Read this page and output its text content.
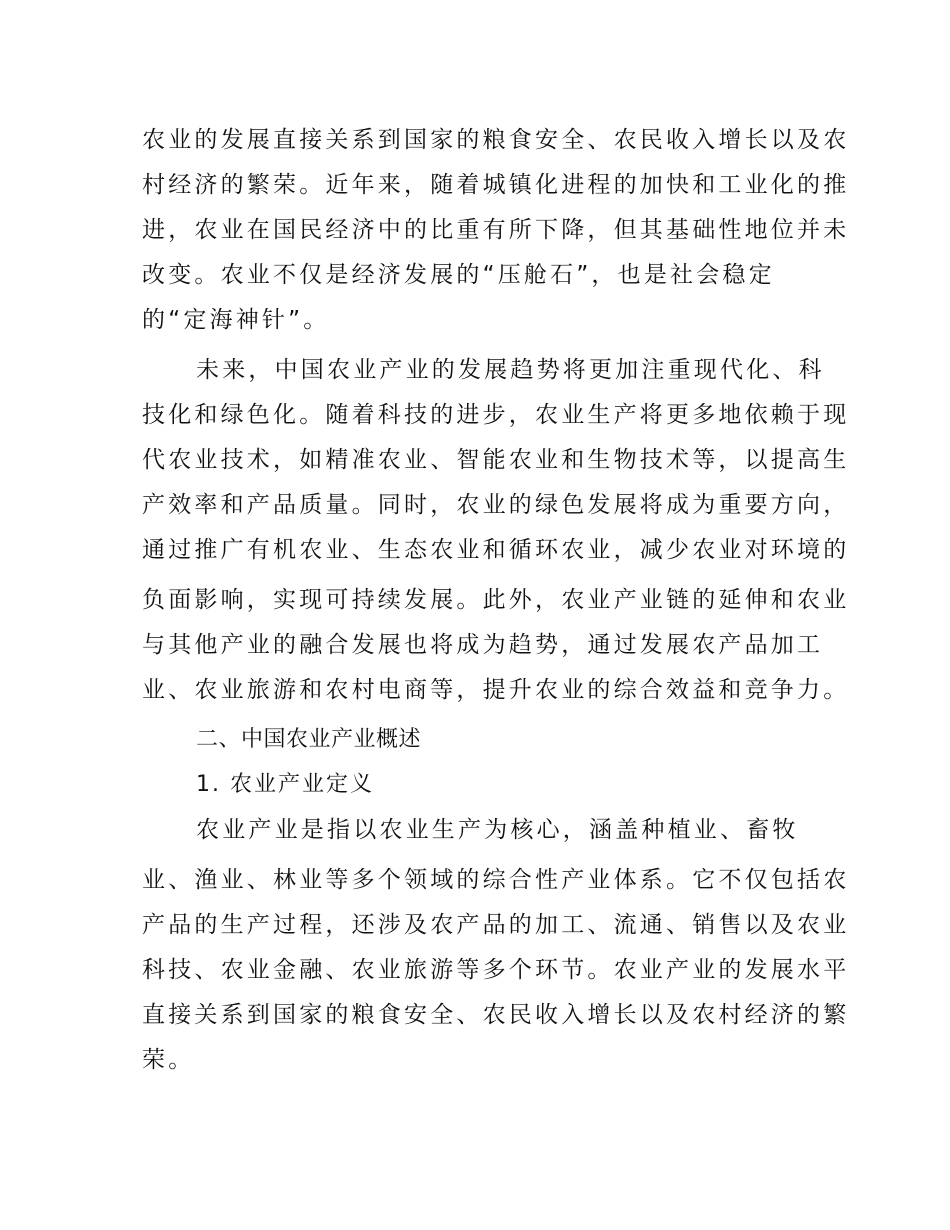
农业的发展直接关系到国家的粮食安全、农民收入增长以及农
村经济的繁荣。近年来，随着城镇化进程的加快和工业化的推
进，农业在国民经济中的比重有所下降，但其基础性地位并未
改变。农业不仅是经济发展的“压舱石”，也是社会稳定
的“定海神针”。
未来，中国农业产业的发展趋势将更加注重现代化、科
技化和绿色化。随着科技的进步，农业生产将更多地依赖于现
代农业技术，如精准农业、智能农业和生物技术等，以提高生
产效率和产品质量。同时，农业的绿色发展将成为重要方向，
通过推广有机农业、生态农业和循环农业，减少农业对环境的
负面影响，实现可持续发展。此外，农业产业链的延伸和农业
与其他产业的融合发展也将成为趋势，通过发展农产品加工
业、农业旅游和农村电商等，提升农业的综合效益和竞争力。
二、中国农业产业概述
1. 农业产业定义
农业产业是指以农业生产为核心，涵盖种植业、畜牧
业、渔业、林业等多个领域的综合性产业体系。它不仅包括农
产品的生产过程，还涉及农产品的加工、流通、销售以及农业
科技、农业金融、农业旅游等多个环节。农业产业的发展水平
直接关系到国家的粮食安全、农民收入增长以及农村经济的繁
荣。
